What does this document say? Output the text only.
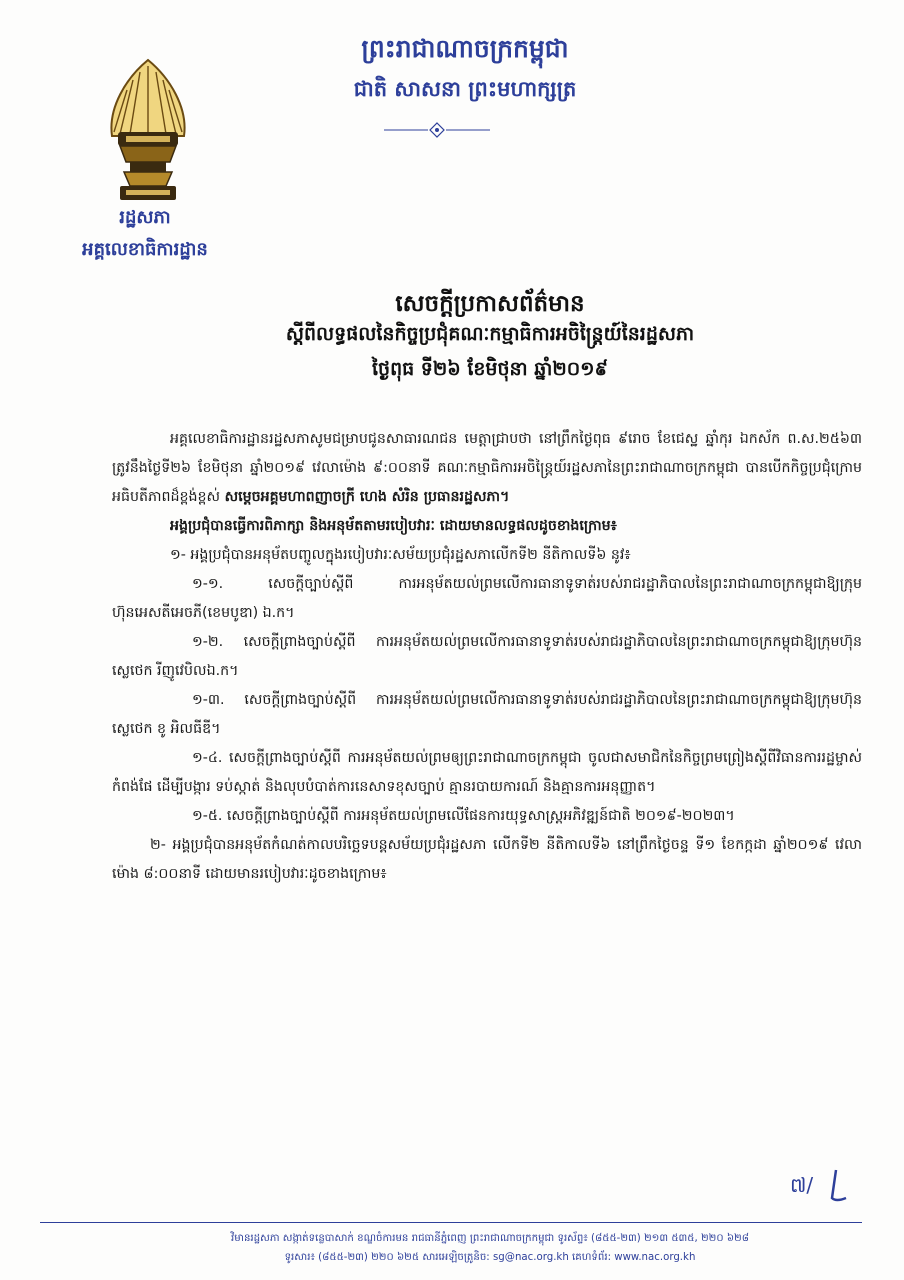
ព្រះរាជាណាចក្រកម្ពុជា
ជាតិ សាសនា ព្រះមហាក្សត្រ
រដ្ឋសភា
អគ្គលេខាធិការដ្ឋាន
សេចក្តីប្រកាសព័ត៌មាន
ស្តីពីលទ្ធផលនៃកិច្ចប្រជុំគណៈកម្មាធិការអចិន្ត្រៃយ៍នៃរដ្ឋសភា
ថ្ងៃពុធ ទី២៦ ខែមិថុនា ឆ្នាំ២០១៩

អគ្គលេខាធិការដ្ឋានរដ្ឋសភាសូមជម្រាបជូនសាធារណជន មេត្តាជ្រាបថា នៅព្រឹកថ្ងៃពុធ ៩រោច ខែជេស្ឋ ឆ្នាំកុរ ឯកស័ក ព.ស.២៥៦៣ ត្រូវនឹងថ្ងៃទី២៦ ខែមិថុនា ឆ្នាំ២០១៩ វេលាម៉ោង ៩:០០នាទី គណៈកម្មាធិការអចិន្ត្រៃយ៍រដ្ឋសភានៃព្រះរាជាណាចក្រកម្ពុជា បានបើកកិច្ចប្រជុំក្រោមអធិបតីភាពដ៏ខ្ពង់ខ្ពស់ សម្តេចអគ្គមហាពញាចក្រី ហេង សំរិន ប្រធានរដ្ឋសភា។

អង្គប្រជុំបានធ្វើការពិភាក្សា និងអនុម័តតាមរបៀបវារៈ ដោយមានលទ្ធផលដូចខាងក្រោម៖

១- អង្គប្រជុំបានអនុម័តបញ្ចូលក្នុងរបៀបវារៈសម័យប្រជុំរដ្ឋសភាលើកទី២ នីតិកាលទី៦ នូវ៖

១-១. សេចក្តីច្បាប់ស្តីពី ការអនុម័តយល់ព្រមលើការធានាទូទាត់របស់រាជរដ្ឋាភិបាលនៃព្រះរាជាណាចក្រកម្ពុជាឱ្យក្រុមហ៊ុនអេសតីអេចភី(ខេមបូឌា) ឯ.ក។

១-២. សេចក្តីព្រាងច្បាប់ស្តីពី ការអនុម័តយល់ព្រមលើការធានាទូទាត់របស់រាជរដ្ឋាភិបាលនៃព្រះរាជាណាចក្រកម្ពុជាឱ្យក្រុមហ៊ុន ស្លេថេក រីញូវេបិលឯ.ក។

១-៣. សេចក្តីព្រាងច្បាប់ស្តីពី ការអនុម័តយល់ព្រមលើការធានាទូទាត់របស់រាជរដ្ឋាភិបាលនៃព្រះរាជាណាចក្រកម្ពុជាឱ្យក្រុមហ៊ុន ស្លេថេក ខូ អិលធីឌី។

១-៤. សេចក្តីព្រាងច្បាប់ស្តីពី ការអនុម័តយល់ព្រមឲ្យព្រះរាជាណាចក្រកម្ពុជា ចូលជាសមាជិកនៃកិច្ចព្រមព្រៀងស្តីពីវិធានការរដ្ឋម្ចាស់កំពង់ផែ ដើម្បីបង្ការ ទប់ស្កាត់ និងលុបបំបាត់ការនេសាទខុសច្បាប់ គ្មានរបាយការណ៍ និងគ្មានការអនុញ្ញាត។

១-៥. សេចក្តីព្រាងច្បាប់ស្តីពី ការអនុម័តយល់ព្រមលើផែនការយុទ្ធសាស្ត្រអភិវឌ្ឍន៍ជាតិ ២០១៩-២០២៣។

២- អង្គប្រជុំបានអនុម័តកំណត់កាលបរិច្ឆេទបន្តសម័យប្រជុំរដ្ឋសភា លើកទី២ នីតិកាលទី៦ នៅព្រឹកថ្ងៃចន្ទ ទី១ ខែកក្កដា ឆ្នាំ២០១៩ វេលាម៉ោង ៨:០០នាទី ដោយមានរបៀបវារៈដូចខាងក្រោម៖

៧/
វិមានរដ្ឋសភា សង្កាត់ទន្លេបាសាក់ ខណ្ឌចំការមន រាជធានីភ្នំពេញ ព្រះរាជាណាចក្រកម្ពុជា ទូរស័ព្ទ៖ (៨៥៥-២៣) ២១៣ ៥៣៥, ២២០ ៦២៨
ទូរសារ៖ (៨៥៥-២៣) ២២០ ៦២៥ សារអេឡិចត្រូនិច: sg@nac.org.kh គេហទំព័រ: www.nac.org.kh
